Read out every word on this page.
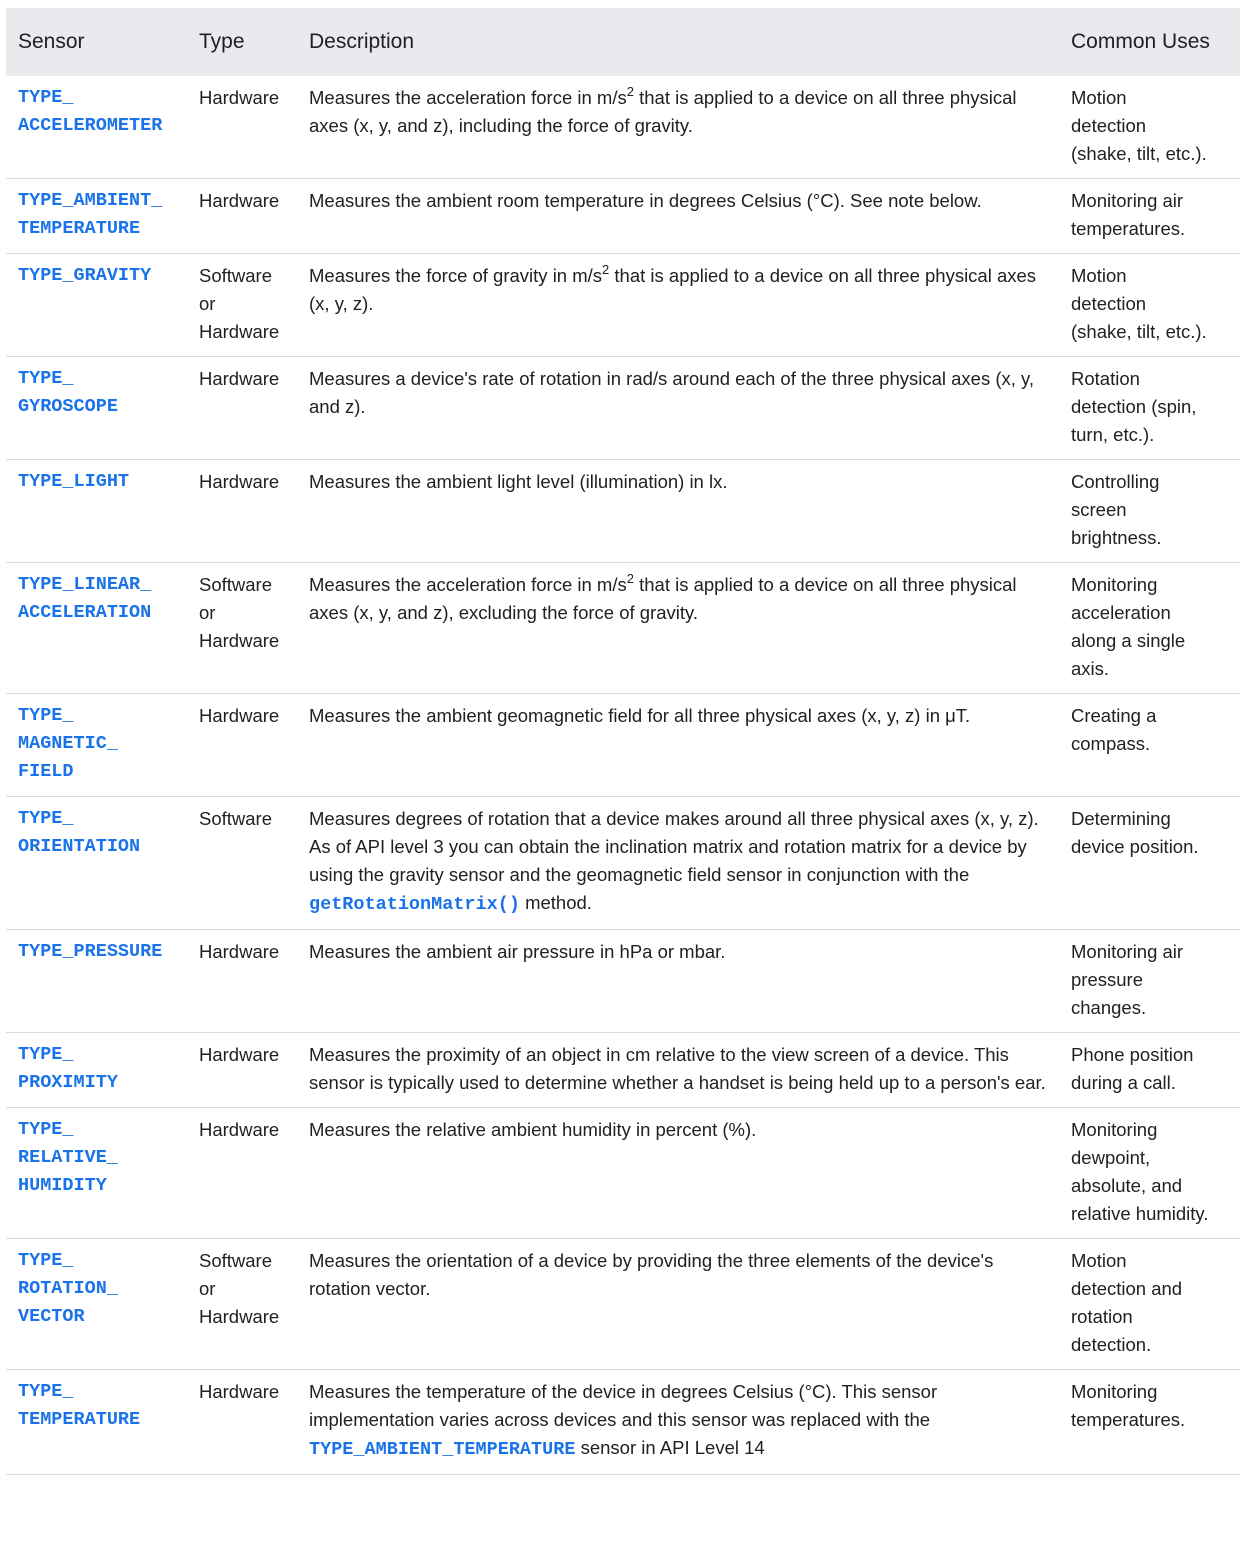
Sensor	Type	Description	Common Uses

TYPE_
ACCELEROMETER	Hardware	Measures the acceleration force in $m/s^2$ that is applied to a device on all three physical axes (x, y, and z), including the force of gravity.	Motion
detection
(shake, tilt, etc.).

TYPE_AMBIENT_
TEMPERATURE	Hardware	Measures the ambient room temperature in degrees Celsius (°C). See note below.	Monitoring air
temperatures.

TYPE_GRAVITY	Software
or
Hardware	Measures the force of gravity in $m/s^2$ that is applied to a device on all three physical axes (x, y, z).	Motion
detection
(shake, tilt, etc.).

TYPE_
GYROSCOPE	Hardware	Measures a device's rate of rotation in rad/s around each of the three physical axes (x, y, and z).	Rotation
detection (spin,
turn, etc.).

TYPE_LIGHT	Hardware	Measures the ambient light level (illumination) in lx.	Controlling
screen
brightness.

TYPE_LINEAR_
ACCELERATION	Software
or
Hardware	Measures the acceleration force in $m/s^2$ that is applied to a device on all three physical axes (x, y, and z), excluding the force of gravity.	Monitoring
acceleration
along a single
axis.

TYPE_
MAGNETIC_
FIELD	Hardware	Measures the ambient geomagnetic field for all three physical axes (x, y, z) in μT.	Creating a
compass.

TYPE_
ORIENTATION	Software	Measures degrees of rotation that a device makes around all three physical axes (x, y, z). As of API level 3 you can obtain the inclination matrix and rotation matrix for a device by using the gravity sensor and the geomagnetic field sensor in conjunction with the getRotationMatrix() method.	Determining
device position.

TYPE_PRESSURE	Hardware	Measures the ambient air pressure in hPa or mbar.	Monitoring air
pressure
changes.

TYPE_
PROXIMITY	Hardware	Measures the proximity of an object in cm relative to the view screen of a device. This sensor is typically used to determine whether a handset is being held up to a person's ear.	Phone position
during a call.

TYPE_
RELATIVE_
HUMIDITY	Hardware	Measures the relative ambient humidity in percent (%).	Monitoring
dewpoint,
absolute, and
relative humidity.

TYPE_
ROTATION_
VECTOR	Software
or
Hardware	Measures the orientation of a device by providing the three elements of the device's rotation vector.	Motion
detection and
rotation
detection.

TYPE_
TEMPERATURE	Hardware	Measures the temperature of the device in degrees Celsius (°C). This sensor implementation varies across devices and this sensor was replaced with the TYPE_AMBIENT_TEMPERATURE sensor in API Level 14	Monitoring
temperatures.
